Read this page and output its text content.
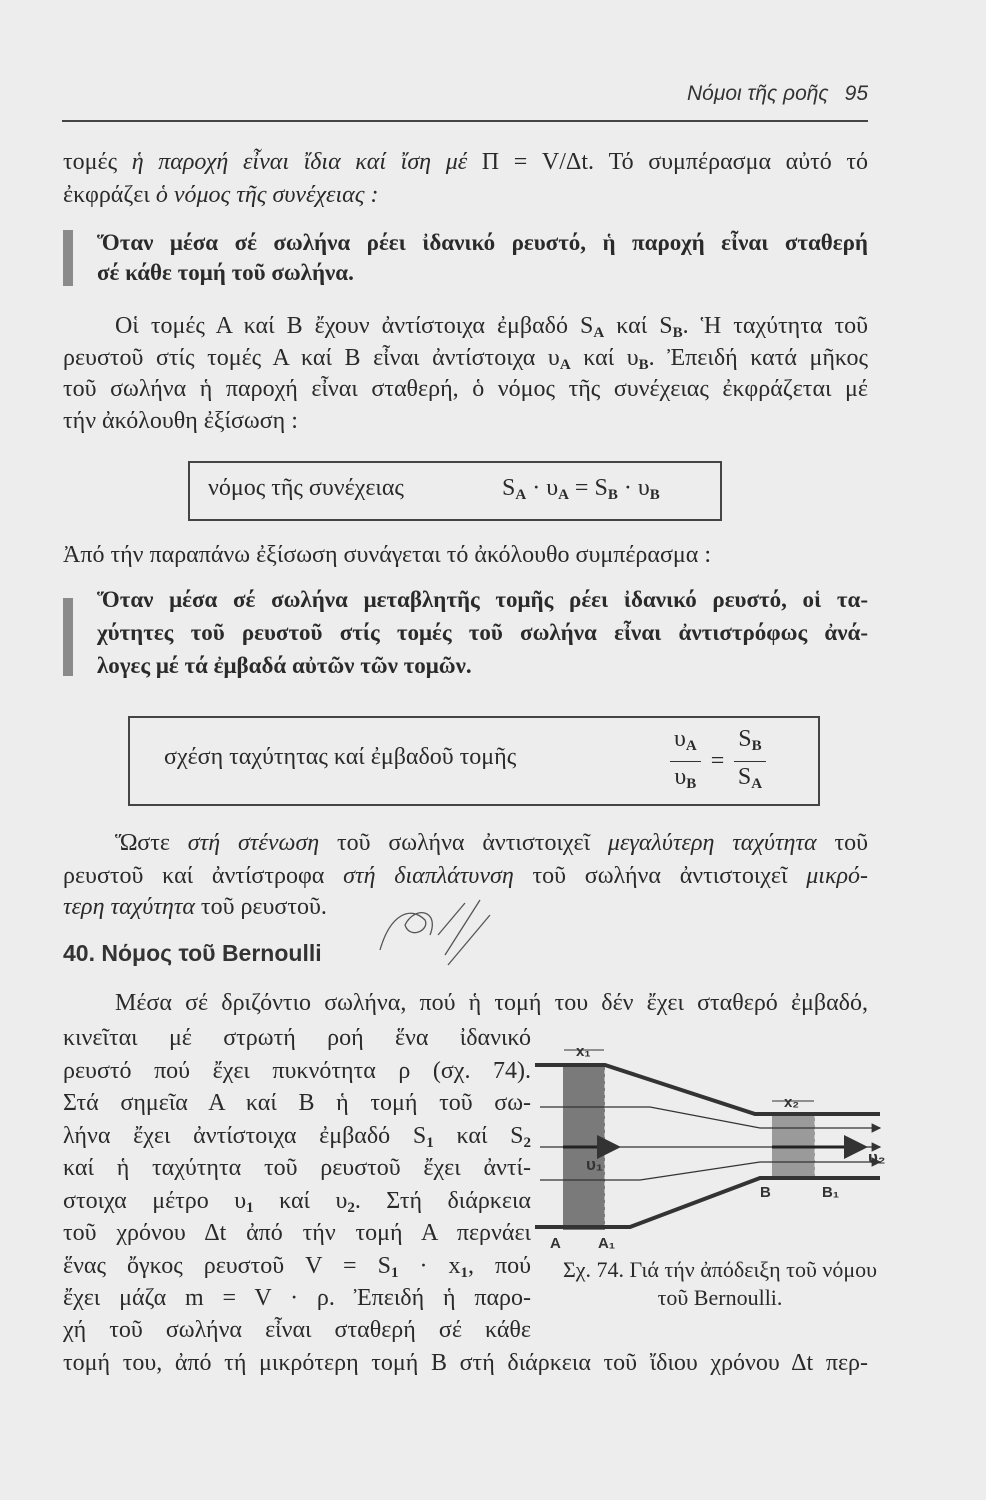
Νόμοι τῆς ροῆς 95
τομές ἡ παροχή εἶναι ἴδια καί ἴση μέ Π = V/Δt. Τό συμπέρασμα αὐτό τό
ἐκφράζει ὁ νόμος τῆς συνέχειας :
Ὅταν μέσα σέ σωλήνα ρέει ἰδανικό ρευστό, ἡ παροχή εἶναι σταθερή
σέ κάθε τομή τοῦ σωλήνα.
Οἱ τομές Α καί Β ἔχουν ἀντίστοιχα ἐμβαδό $S_A$ καί $S_B$. Ἡ ταχύτητα τοῦ
ρευστοῦ στίς τομές Α καί Β εἶναι ἀντίστοιχα $\upsilon_A$ καί $\upsilon_B$. Ἐπειδή κατά μῆκος
τοῦ σωλήνα ἡ παροχή εἶναι σταθερή, ὁ νόμος τῆς συνέχειας ἐκφράζεται μέ
τήν ἀκόλουθη ἐξίσωση :
νόμος τῆς συνέχειας	$S_A \cdot \upsilon_A = S_B \cdot \upsilon_B$
Ἀπό τήν παραπάνω ἐξίσωση συνάγεται τό ἀκόλουθο συμπέρασμα :
Ὅταν μέσα σέ σωλήνα μεταβλητῆς τομῆς ρέει ἰδανικό ρευστό, οἱ τα-
χύτητες τοῦ ρευστοῦ στίς τομές τοῦ σωλήνα εἶναι ἀντιστρόφως ἀνά-
λογες μέ τά ἐμβαδά αὐτῶν τῶν τομῶν.
σχέση ταχύτητας καί ἐμβαδοῦ τομῆς	$\frac{\upsilon_A}{\upsilon_B} = \frac{S_B}{S_A}$
Ὥστε στή στένωση τοῦ σωλήνα ἀντιστοιχεῖ μεγαλύτερη ταχύτητα τοῦ
ρευστοῦ καί ἀντίστροφα στή διαπλάτυνση τοῦ σωλήνα ἀντιστοιχεῖ μικρό-
τερη ταχύτητα τοῦ ρευστοῦ.
40. Νόμος τοῦ Bernoulli
Μέσα σέ δριζόντιο σωλήνα, πού ἡ τομή του δέν ἔχει σταθερό ἐμβαδό,
κινεῖται μέ στρωτή ροή ἕνα ἰδανικό
ρευστό πού ἔχει πυκνότητα ρ (σχ. 74).
Στά σημεῖα Α καί Β ἡ τομή τοῦ σω-
λήνα ἔχει ἀντίστοιχα ἐμβαδό $S_1$ καί $S_2$
καί ἡ ταχύτητα τοῦ ρευστοῦ ἔχει ἀντί-
στοιχα μέτρο $\upsilon_1$ καί $\upsilon_2$. Στή διάρκεια
τοῦ χρόνου Δt ἀπό τήν τομή Α περνάει
ἕνας ὄγκος ρευστοῦ $V = S_1 \cdot x_1$, πού
ἔχει μάζα m = V · ρ. Ἐπειδή ἡ παρο-
χή τοῦ σωλήνα εἶναι σταθερή σέ κάθε
τομή του, ἀπό τή μικρότερη τομή Β στή διάρκεια τοῦ ἴδιου χρόνου Δt περ-
x₁
x₂
υ₁	υ₂
A A₁
B	B₁
Σχ. 74. Γιά τήν ἀπόδειξη τοῦ νόμου
τοῦ Bernoulli.
